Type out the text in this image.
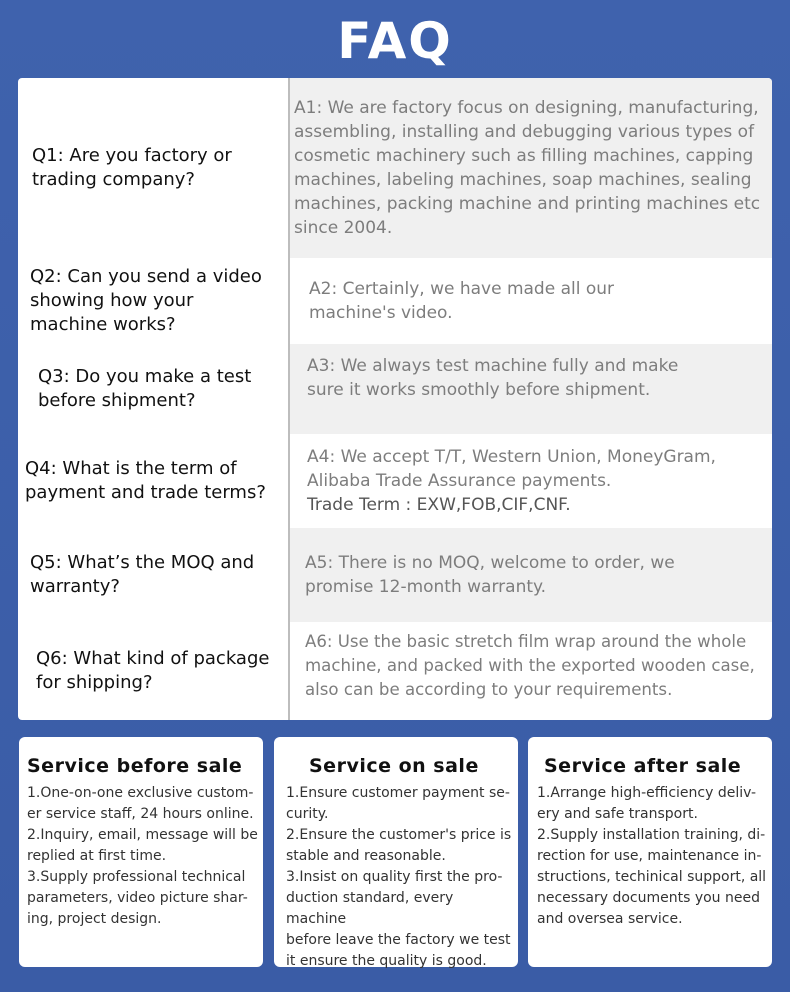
FAQ
Q1: Are you factory or
trading company?
A1: We are factory focus on designing, manufacturing,
assembling, installing and debugging various types of
cosmetic machinery such as filling machines, capping
machines, labeling machines, soap machines, sealing
machines, packing machine and printing machines etc
since 2004.
Q2: Can you send a video
showing how your
machine works?
A2: Certainly, we have made all our
machine's video.
Q3: Do you make a test
before shipment?
A3: We always test machine fully and make
sure it works smoothly before shipment.
Q4: What is the term of
payment and trade terms?
A4: We accept T/T, Western Union, MoneyGram,
Alibaba Trade Assurance payments.
Trade Term : EXW,FOB,CIF,CNF.
Q5: What’s the MOQ and
warranty?
A5: There is no MOQ, welcome to order, we
promise 12-month warranty.
Q6: What kind of package
for shipping?
A6: Use the basic stretch film wrap around the whole
machine, and packed with the exported wooden case,
also can be according to your requirements.
Service before sale
1.One-on-one exclusive custom-
er service staff, 24 hours online.
2.Inquiry, email, message will be
replied at first time.
3.Supply professional technical
parameters, video picture shar-
ing, project design.
Service on sale
1.Ensure customer payment se-
curity.
2.Ensure the customer's price is
stable and reasonable.
3.Insist on quality first the pro-
duction standard, every machine
before leave the factory we test
it ensure the quality is good.
Service after sale
1.Arrange high-efficiency deliv-
ery and safe transport.
2.Supply installation training, di-
rection for use, maintenance in-
structions, techinical support, all
necessary documents you need
and oversea service.
